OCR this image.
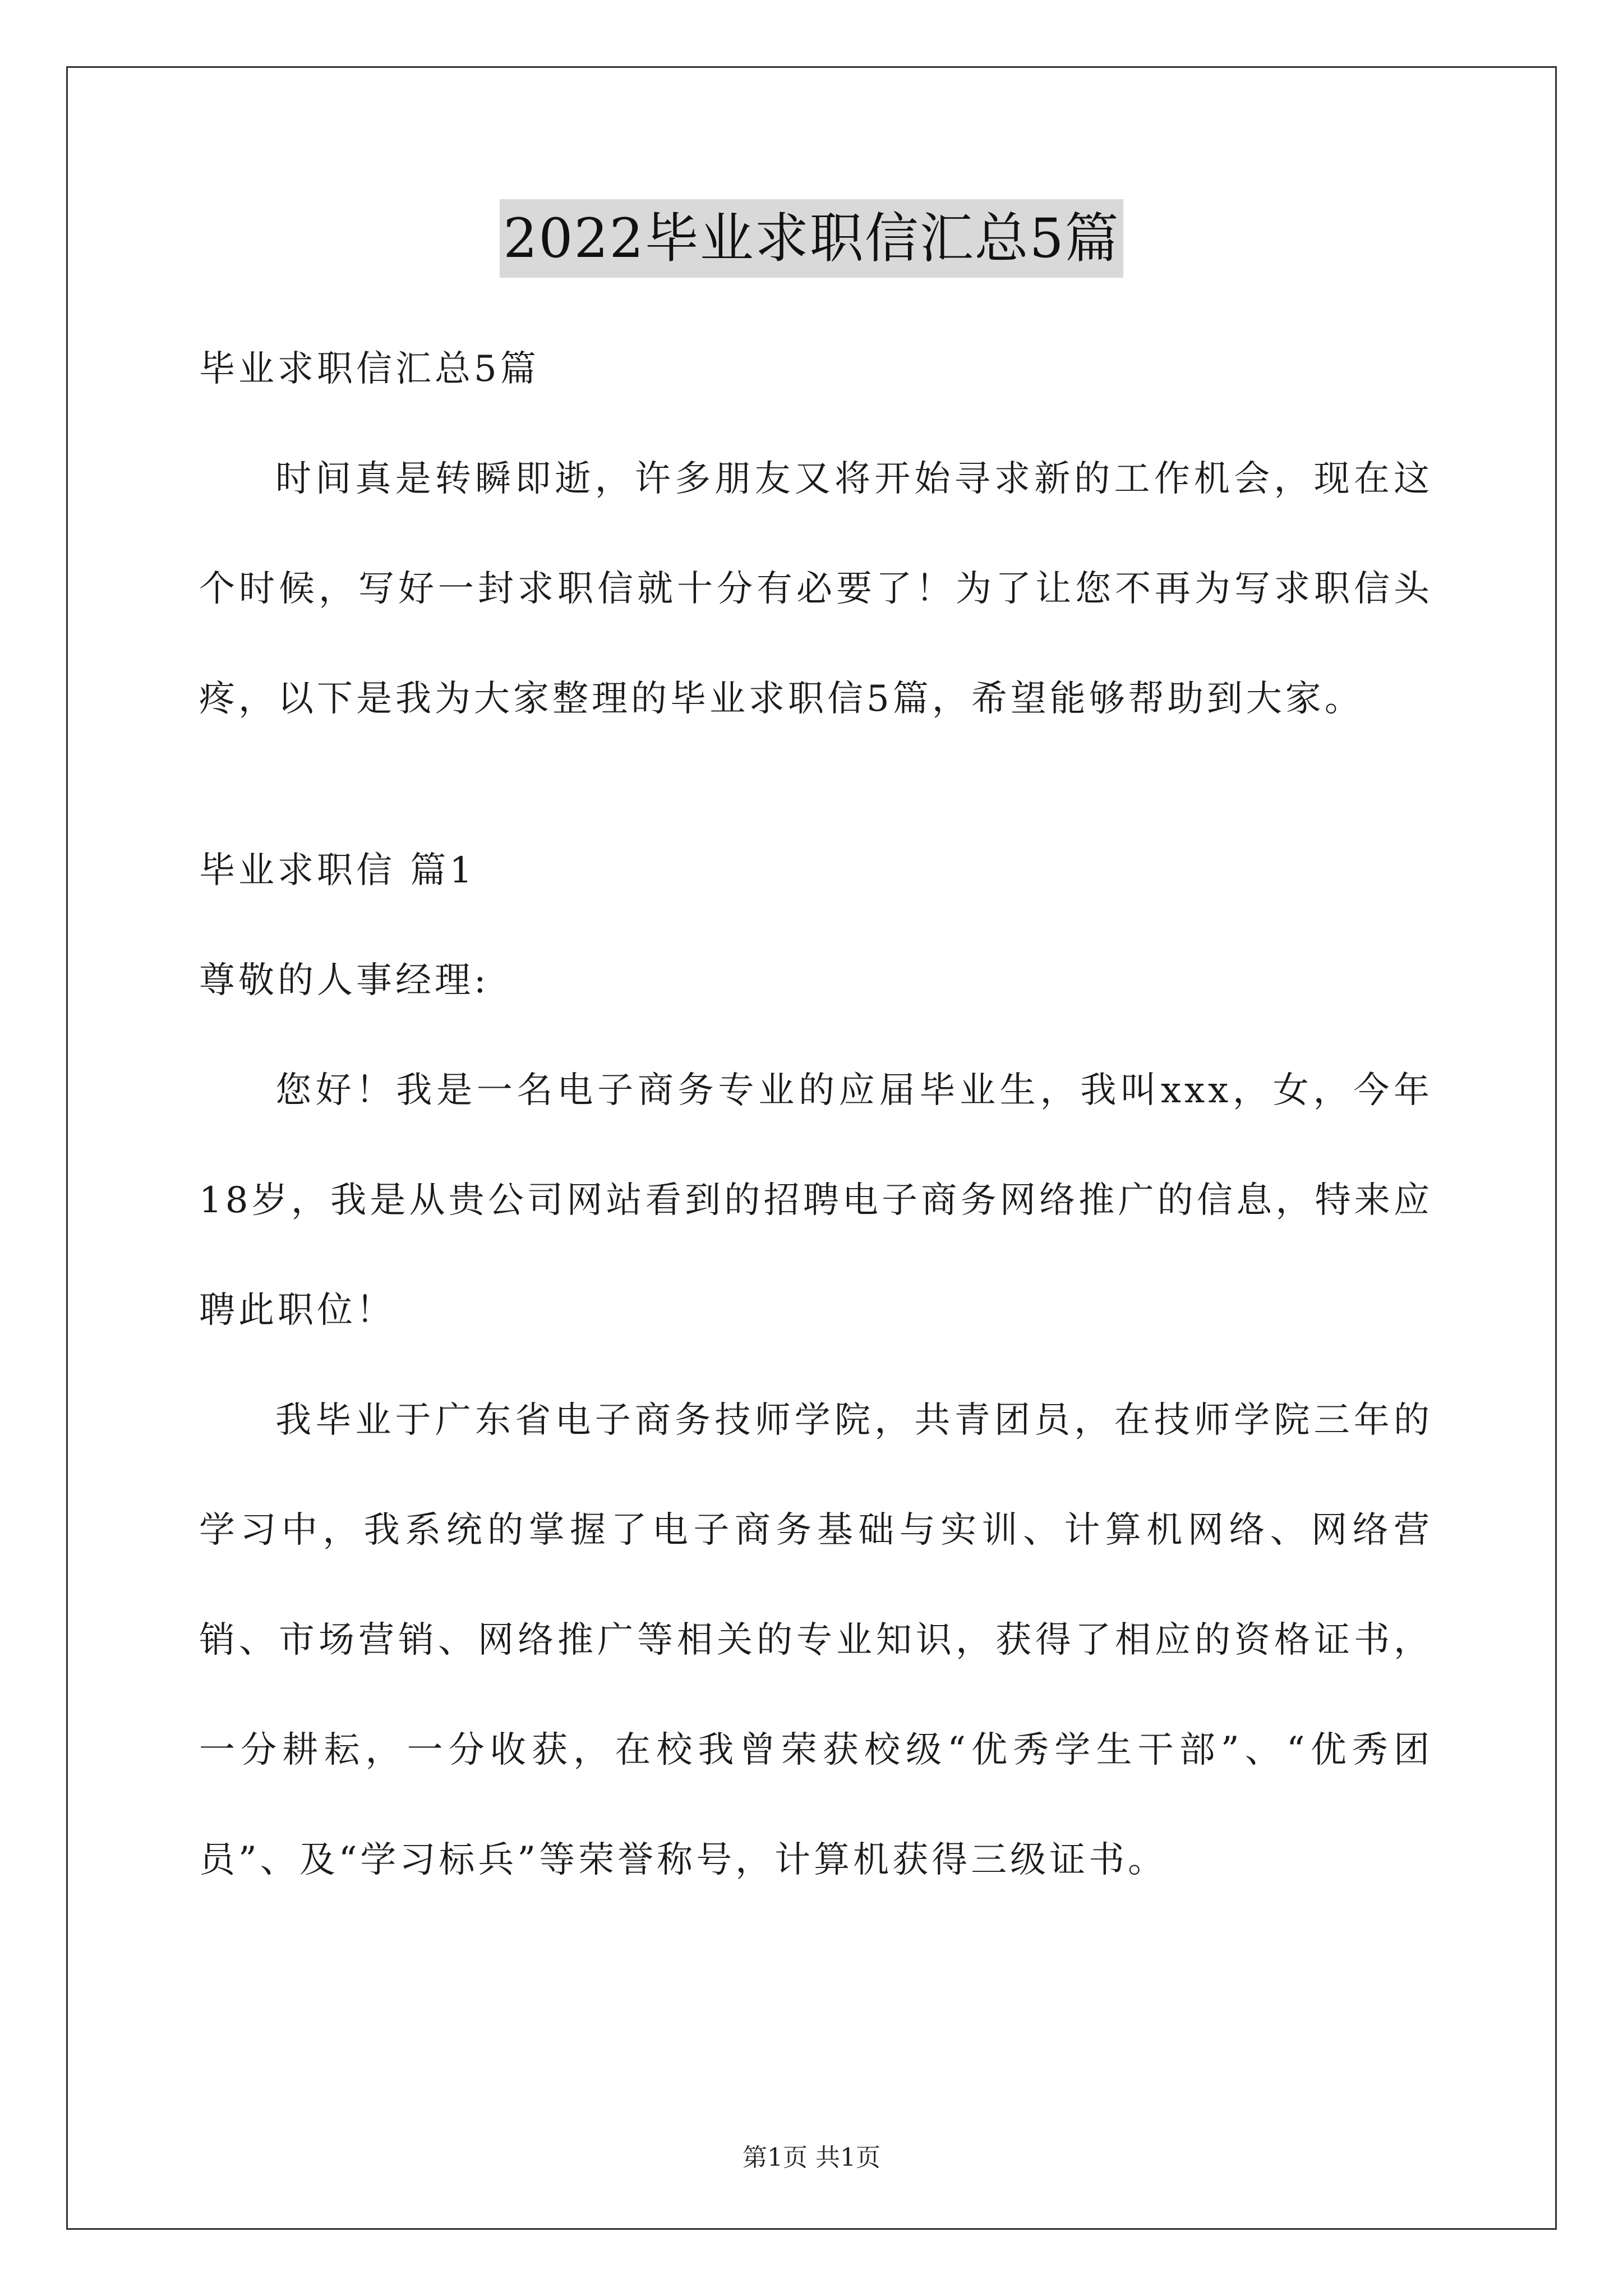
2022毕业求职信汇总5篇

毕业求职信汇总5篇

时间真是转瞬即逝，许多朋友又将开始寻求新的工作机会，现在这个时候，写好一封求职信就十分有必要了！为了让您不再为写求职信头疼，以下是我为大家整理的毕业求职信5篇，希望能够帮助到大家。

毕业求职信 篇1

尊敬的人事经理:

您好！我是一名电子商务专业的应届毕业生，我叫xxx，女，今年18岁，我是从贵公司网站看到的招聘电子商务网络推广的信息，特来应聘此职位！

我毕业于广东省电子商务技师学院，共青团员，在技师学院三年的学习中，我系统的掌握了电子商务基础与实训、计算机网络、网络营销、市场营销、网络推广等相关的专业知识，获得了相应的资格证书，一分耕耘，一分收获，在校我曾荣获校级“优秀学生干部”、“优秀团员”、及“学习标兵”等荣誉称号，计算机获得三级证书。

第1页 共1页
